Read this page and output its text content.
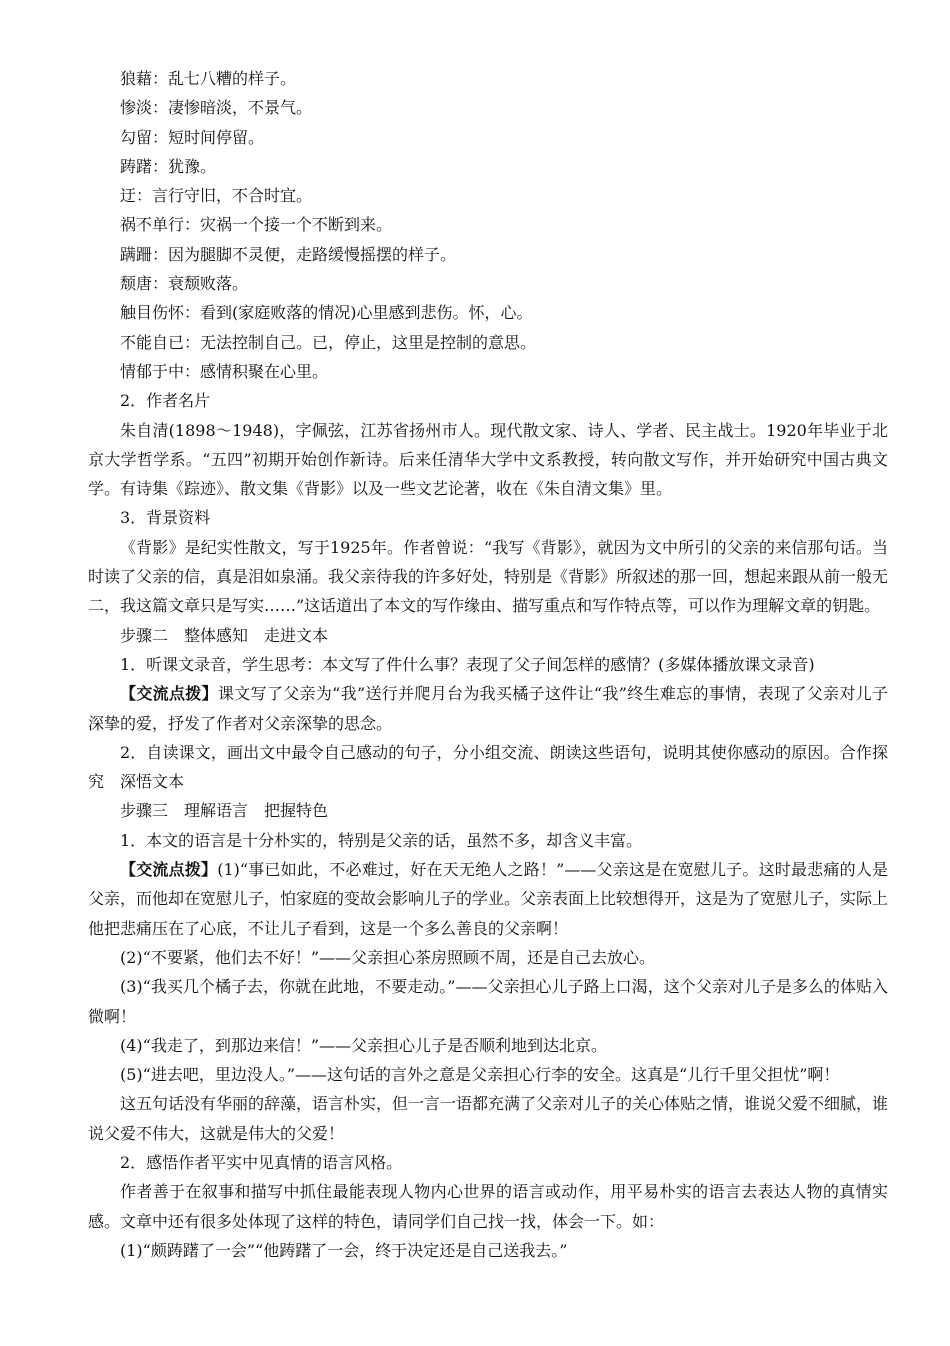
狼藉：乱七八糟的样子。

惨淡：凄惨暗淡，不景气。

勾留：短时间停留。

踌躇：犹豫。

迂：言行守旧，不合时宜。

祸不单行：灾祸一个接一个不断到来。

蹒跚：因为腿脚不灵便，走路缓慢摇摆的样子。

颓唐：衰颓败落。

触目伤怀：看到(家庭败落的情况)心里感到悲伤。怀，心。

不能自已：无法控制自己。已，停止，这里是控制的意思。

情郁于中：感情积聚在心里。

2．作者名片

朱自清(1898～1948)，字佩弦，江苏省扬州市人。现代散文家、诗人、学者、民主战士。1920年毕业于北京大学哲学系。“五四”初期开始创作新诗。后来任清华大学中文系教授，转向散文写作，并开始研究中国古典文学。有诗集《踪迹》、散文集《背影》以及一些文艺论著，收在《朱自清文集》里。

3．背景资料

《背影》是纪实性散文，写于1925年。作者曾说：“我写《背影》，就因为文中所引的父亲的来信那句话。当时读了父亲的信，真是泪如泉涌。我父亲待我的许多好处，特别是《背影》所叙述的那一回，想起来跟从前一般无二，我这篇文章只是写实……”这话道出了本文的写作缘由、描写重点和写作特点等，可以作为理解文章的钥匙。

步骤二　整体感知　走进文本

1．听课文录音，学生思考：本文写了件什么事？表现了父子间怎样的感情？(多媒体播放课文录音)

【交流点拨】课文写了父亲为“我”送行并爬月台为我买橘子这件让“我”终生难忘的事情，表现了父亲对儿子深挚的爱，抒发了作者对父亲深挚的思念。

2．自读课文，画出文中最令自己感动的句子，分小组交流、朗读这些语句，说明其使你感动的原因。合作探究　深悟文本

步骤三　理解语言　把握特色

1．本文的语言是十分朴实的，特别是父亲的话，虽然不多，却含义丰富。

【交流点拨】(1)“事已如此，不必难过，好在天无绝人之路！”——父亲这是在宽慰儿子。这时最悲痛的人是父亲，而他却在宽慰儿子，怕家庭的变故会影响儿子的学业。父亲表面上比较想得开，这是为了宽慰儿子，实际上他把悲痛压在了心底，不让儿子看到，这是一个多么善良的父亲啊！

(2)“不要紧，他们去不好！”——父亲担心茶房照顾不周，还是自己去放心。

(3)“我买几个橘子去，你就在此地，不要走动。”——父亲担心儿子路上口渴，这个父亲对儿子是多么的体贴入微啊！

(4)“我走了，到那边来信！”——父亲担心儿子是否顺利地到达北京。

(5)“进去吧，里边没人。”——这句话的言外之意是父亲担心行李的安全。这真是“儿行千里父担忧”啊！

这五句话没有华丽的辞藻，语言朴实，但一言一语都充满了父亲对儿子的关心体贴之情，谁说父爱不细腻，谁说父爱不伟大，这就是伟大的父爱！

2．感悟作者平实中见真情的语言风格。

作者善于在叙事和描写中抓住最能表现人物内心世界的语言或动作，用平易朴实的语言去表达人物的真情实感。文章中还有很多处体现了这样的特色，请同学们自己找一找，体会一下。如：

(1)“颇踌躇了一会”“他踌躇了一会，终于决定还是自己送我去。”
